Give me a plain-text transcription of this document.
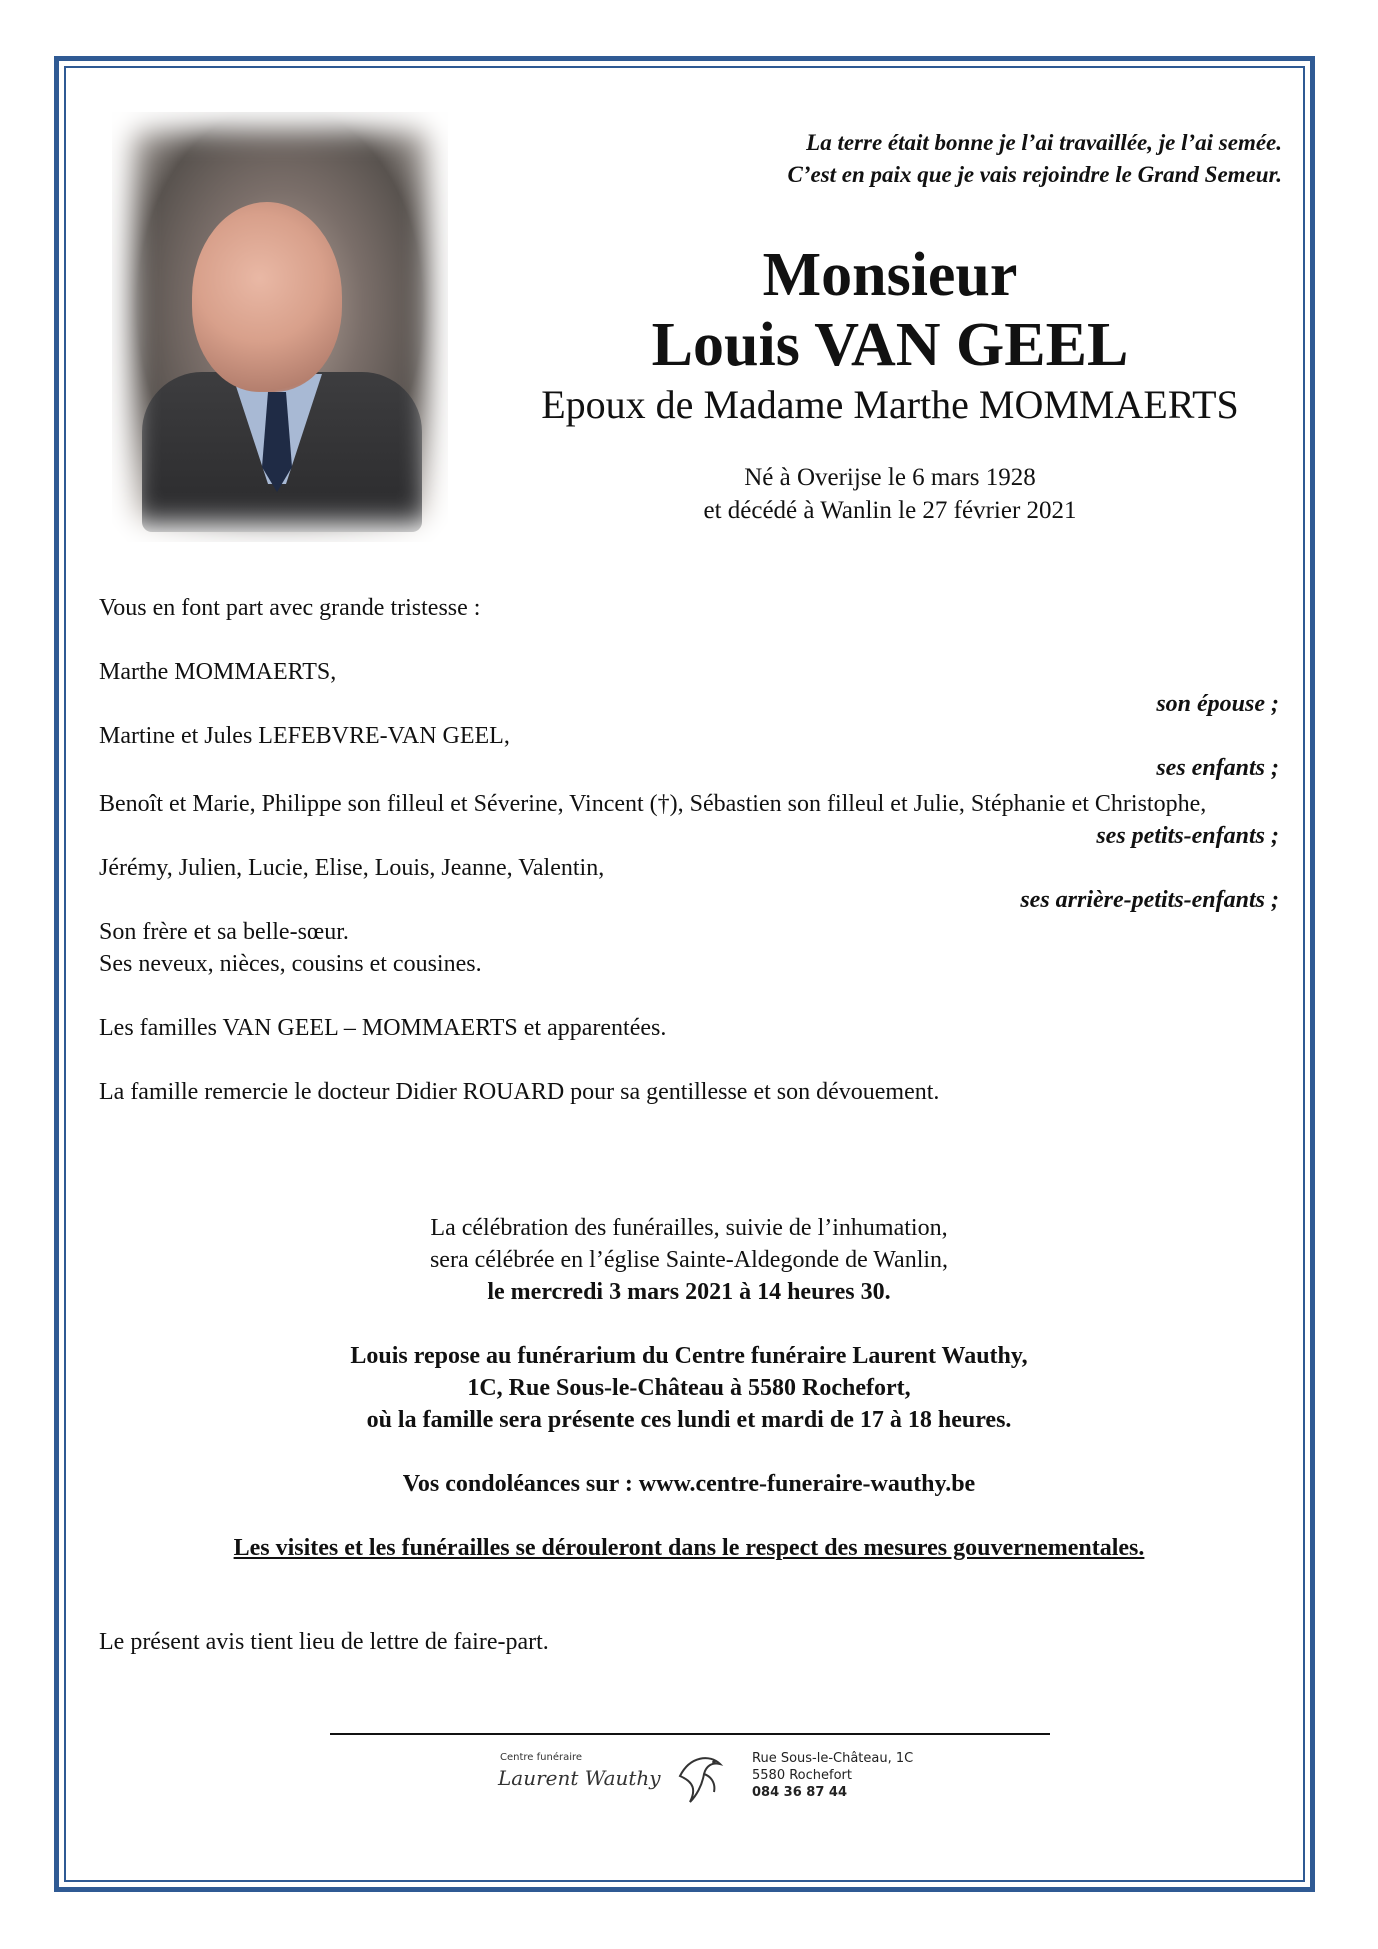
La terre était bonne je l’ai travaillée, je l’ai semée.
C’est en paix que je vais rejoindre le Grand Semeur.
Monsieur
Louis VAN GEEL
Epoux de Madame Marthe MOMMAERTS
Né à Overijse le 6 mars 1928
et décédé à Wanlin le 27 février 2021
Vous en font part avec grande tristesse :
Marthe MOMMAERTS,
son épouse ;
Martine et Jules LEFEBVRE-VAN GEEL,
ses enfants ;
Benoît et Marie, Philippe son filleul et Séverine, Vincent (†), Sébastien son filleul et Julie, Stéphanie et Christophe,
ses petits-enfants ;
Jérémy, Julien, Lucie, Elise, Louis, Jeanne, Valentin,
ses arrière-petits-enfants ;
Son frère et sa belle-sœur.
Ses neveux, nièces, cousins et cousines.
Les familles VAN GEEL – MOMMAERTS et apparentées.
La famille remercie le docteur Didier ROUARD pour sa gentillesse et son dévouement.
La célébration des funérailles, suivie de l’inhumation,
sera célébrée en l’église Sainte-Aldegonde de Wanlin,
le mercredi 3 mars 2021 à 14 heures 30.
Louis repose au funérarium du Centre funéraire Laurent Wauthy,
1C, Rue Sous-le-Château à 5580 Rochefort,
où la famille sera présente ces lundi et mardi de 17 à 18 heures.
Vos condoléances sur : www.centre-funeraire-wauthy.be
Les visites et les funérailles se dérouleront dans le respect des mesures gouvernementales.
Le présent avis tient lieu de lettre de faire-part.
Centre funéraire
Laurent Wauthy
Rue Sous-le-Château, 1C
5580 Rochefort
084 36 87 44
